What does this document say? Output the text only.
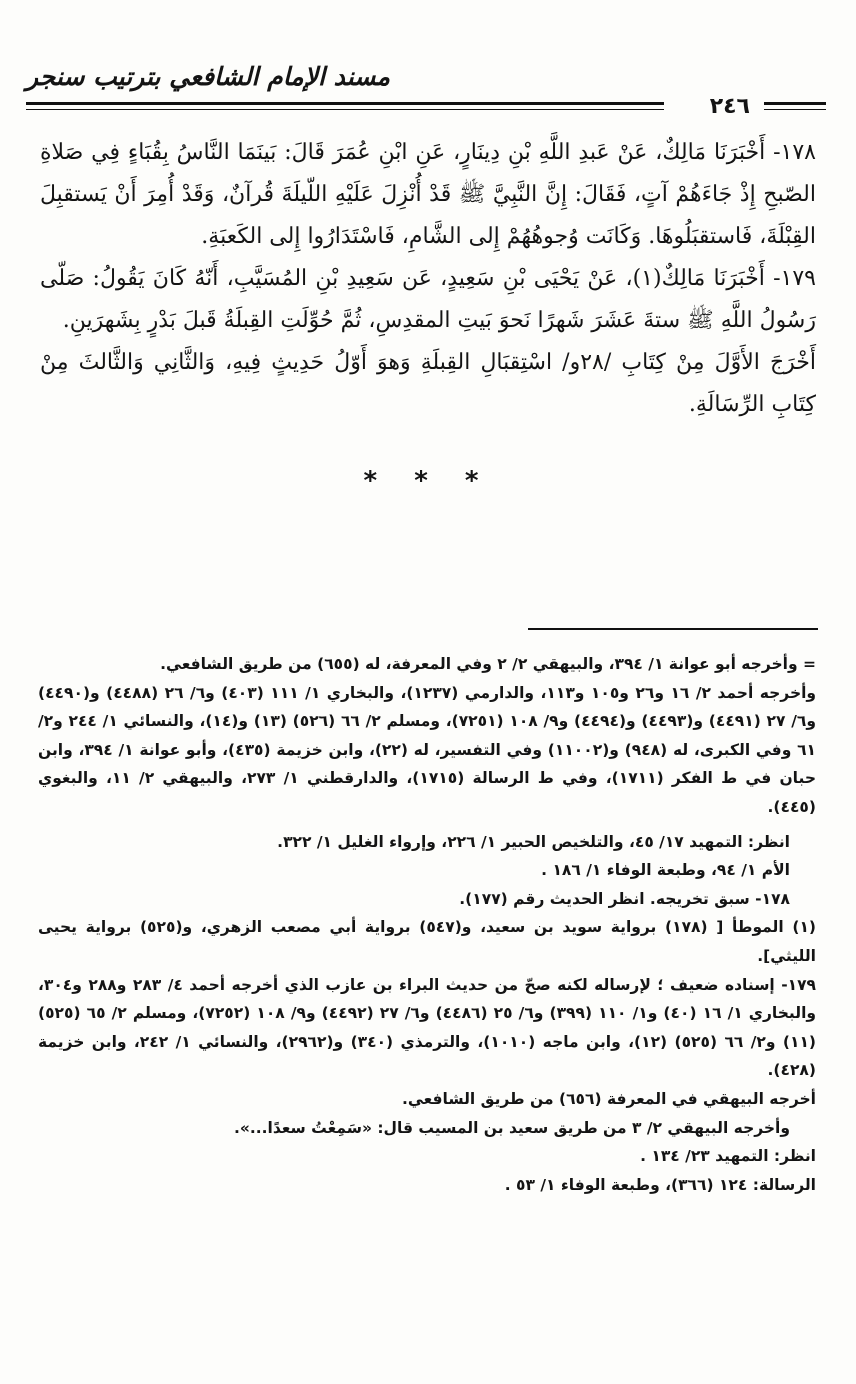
مسند الإمام الشافعي بترتيب سنجر
٢٤٦

١٧٨- أَخْبَرَنَا مَالِكٌ، عَنْ عَبدِ اللَّهِ بْنِ دِينَارٍ، عَنِ ابْنِ عُمَرَ قَالَ: بَينَمَا النَّاسُ بِقُبَاءٍ فِي صَلاةِ الصّبحِ إِذْ جَاءَهُمْ آتٍ، فَقَالَ: إِنَّ النَّبِيَّ ﷺ قَدْ أُنْزِلَ عَلَيْهِ اللّيلَةَ قُرآنٌ، وَقَدْ أُمِرَ أَنْ يَستقبِلَ القِبْلَةَ، فَاستقبَلُوهَا. وَكَانَت وُجوهُهُمْ إِلى الشَّامِ، فَاسْتَدَارُوا إِلى الكَعبَةِ.

١٧٩- أَخْبَرَنَا مَالِكٌ(١)، عَنْ يَحْيَى بْنِ سَعِيدٍ، عَن سَعِيدِ بْنِ المُسَيَّبِ، أَنّهُ كَانَ يَقُولُ: صَلّى رَسُولُ اللَّهِ ﷺ ستةَ عَشَرَ شَهرًا نَحوَ بَيتِ المقدِسِ، ثُمَّ حُوِّلَتِ القِبلَةُ قَبلَ بَدْرٍ بِشَهرَينِ.

أَخْرَجَ الأَوَّلَ مِنْ كِتَابِ /٢٨و/ اسْتِقبَالِ القِبلَةِ وَهوَ أَوّلُ حَدِيثٍ فِيهِ، وَالثَّانِي وَالثَّالثَ مِنْ كِتَابِ الرِّسَالَةِ.

* * *

= وأخرجه أبو عوانة ١/ ٣٩٤، والبيهقي ٢/ ٢ وفي المعرفة، له (٦٥٥) من طريق الشافعي.

وأخرجه أحمد ٢/ ١٦ و٢٦ و١٠٥ و١١٣، والدارمي (١٢٣٧)، والبخاري ١/ ١١١ (٤٠٣) و٦/ ٢٦ (٤٤٨٨) و(٤٤٩٠) و٦/ ٢٧ (٤٤٩١) و(٤٤٩٣) و(٤٤٩٤) و٩/ ١٠٨ (٧٢٥١)، ومسلم ٢/ ٦٦ (٥٢٦) (١٣) و(١٤)، والنسائي ١/ ٢٤٤ و٢/ ٦١ وفي الكبرى، له (٩٤٨) و(١١٠٠٢) وفي التفسير، له (٢٢)، وابن خزيمة (٤٣٥)، وأبو عوانة ١/ ٣٩٤، وابن حبان في ط الفكر (١٧١١)، وفي ط الرسالة (١٧١٥)، والدارقطني ١/ ٢٧٣، والبيهقي ٢/ ١١، والبغوي (٤٤٥).

انظر: التمهيد ١٧/ ٤٥، والتلخيص الحبير ١/ ٢٢٦، وإرواء الغليل ١/ ٣٢٢.

الأم ١/ ٩٤، وطبعة الوفاء ١/ ١٨٦ .

١٧٨- سبق تخريجه. انظر الحديث رقم (١٧٧).

(١) الموطأ [ (١٧٨) برواية سويد بن سعيد، و(٥٤٧) برواية أبي مصعب الزهري، و(٥٢٥) برواية يحيى الليثي].

١٧٩- إسناده ضعيف ؛ لإرساله لكنه صحّ من حديث البراء بن عازب الذي أخرجه أحمد ٤/ ٢٨٣ و٢٨٨ و٣٠٤، والبخاري ١/ ١٦ (٤٠) و١/ ١١٠ (٣٩٩) و٦/ ٢٥ (٤٤٨٦) و٦/ ٢٧ (٤٤٩٢) و٩/ ١٠٨ (٧٢٥٢)، ومسلم ٢/ ٦٥ (٥٢٥) (١١) و٢/ ٦٦ (٥٢٥) (١٢)، وابن ماجه (١٠١٠)، والترمذي (٣٤٠) و(٢٩٦٢)، والنسائي ١/ ٢٤٢، وابن خزيمة (٤٢٨).

أخرجه البيهقي في المعرفة (٦٥٦) من طريق الشافعي.

وأخرجه البيهقي ٢/ ٣ من طريق سعيد بن المسيب قال: «سَمِعْتُ سعدًا...».

انظر: التمهيد ٢٣/ ١٣٤ .

الرسالة: ١٢٤ (٣٦٦)، وطبعة الوفاء ١/ ٥٣ .
